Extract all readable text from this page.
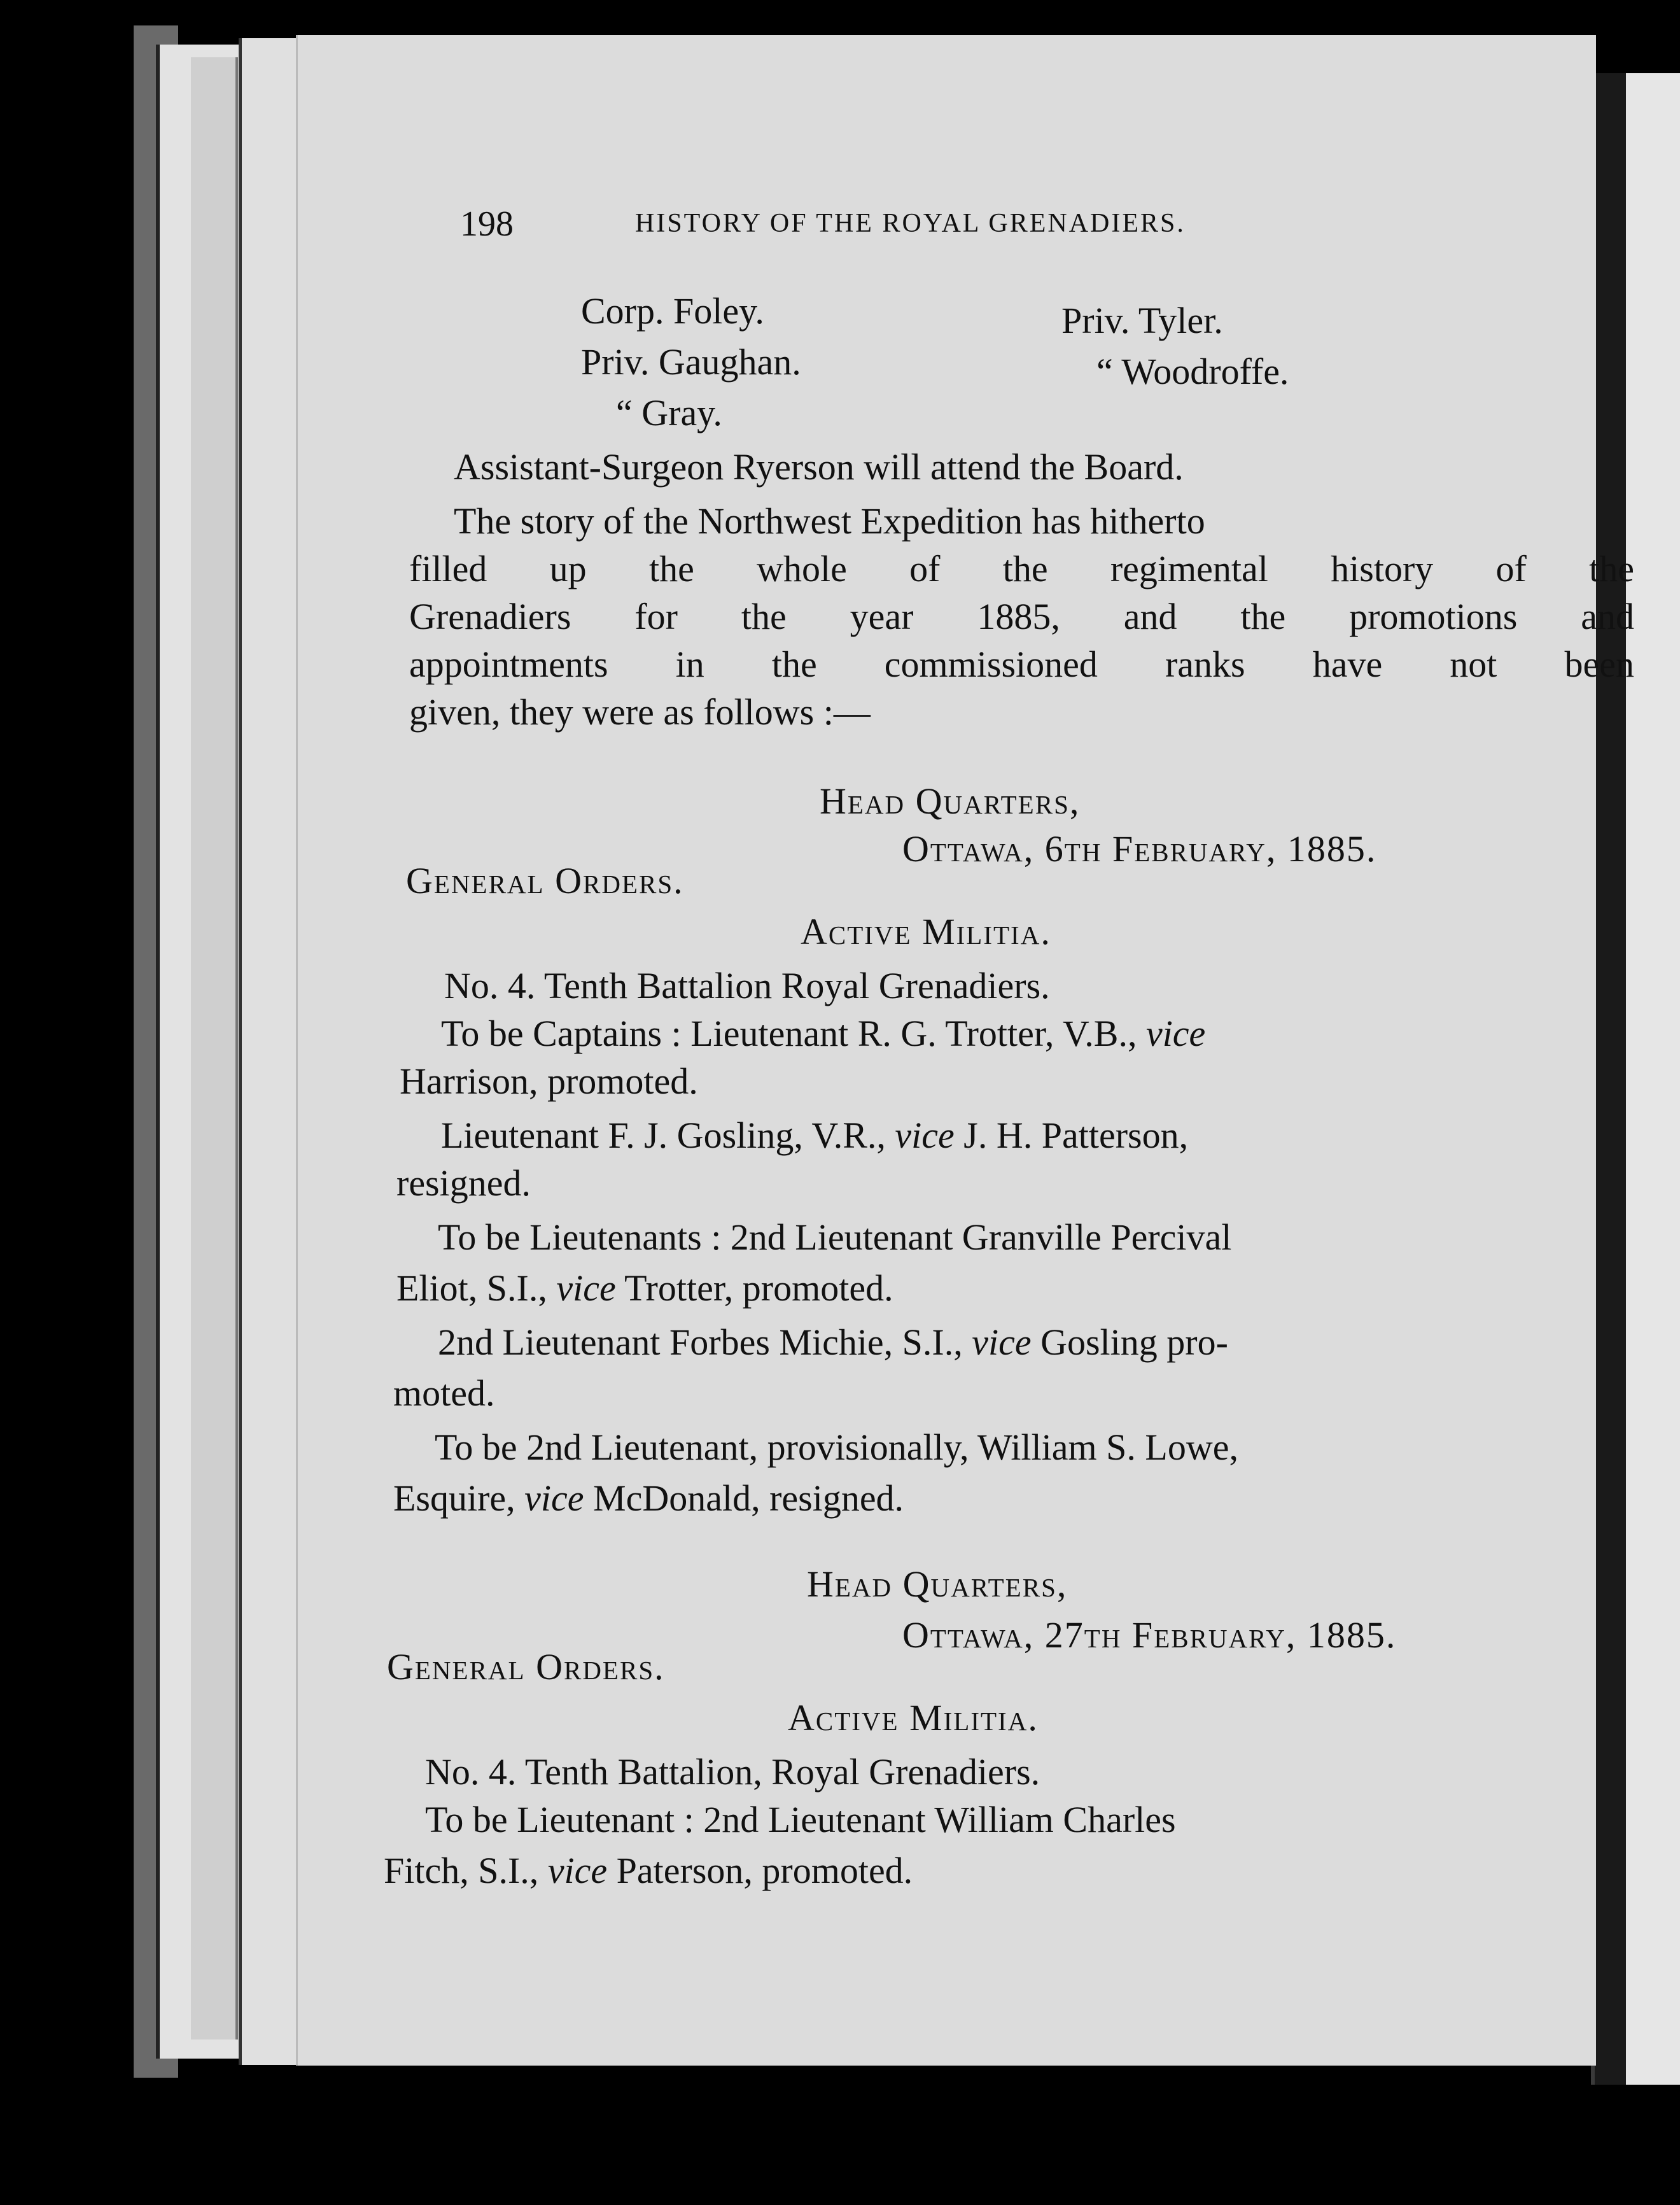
198	HISTORY OF THE ROYAL GRENADIERS.
Corp. Foley.
Priv. Gaughan.
“ Gray.
Priv. Tyler.
“ Woodroffe.
Assistant-Surgeon Ryerson will attend the Board.
The story of the Northwest Expedition has hitherto
filled up the whole of the regimental history of the
Grenadiers for the year 1885, and the promotions and
appointments in the commissioned ranks have not been
given, they were as follows :—
Head Quarters,
Ottawa, 6th February, 1885.
General Orders.
Active Militia.
No. 4. Tenth Battalion Royal Grenadiers.
To be Captains : Lieutenant R. G. Trotter, V.B., vice
Harrison, promoted.
Lieutenant F. J. Gosling, V.R., vice J. H. Patterson,
resigned.
To be Lieutenants : 2nd Lieutenant Granville Percival
Eliot, S.I., vice Trotter, promoted.
2nd Lieutenant Forbes Michie, S.I., vice Gosling pro-
moted.
To be 2nd Lieutenant, provisionally, William S. Lowe,
Esquire, vice McDonald, resigned.
Head Quarters,
Ottawa, 27th February, 1885.
General Orders.
Active Militia.
No. 4. Tenth Battalion, Royal Grenadiers.
To be Lieutenant : 2nd Lieutenant William Charles
Fitch, S.I., vice Paterson, promoted.
